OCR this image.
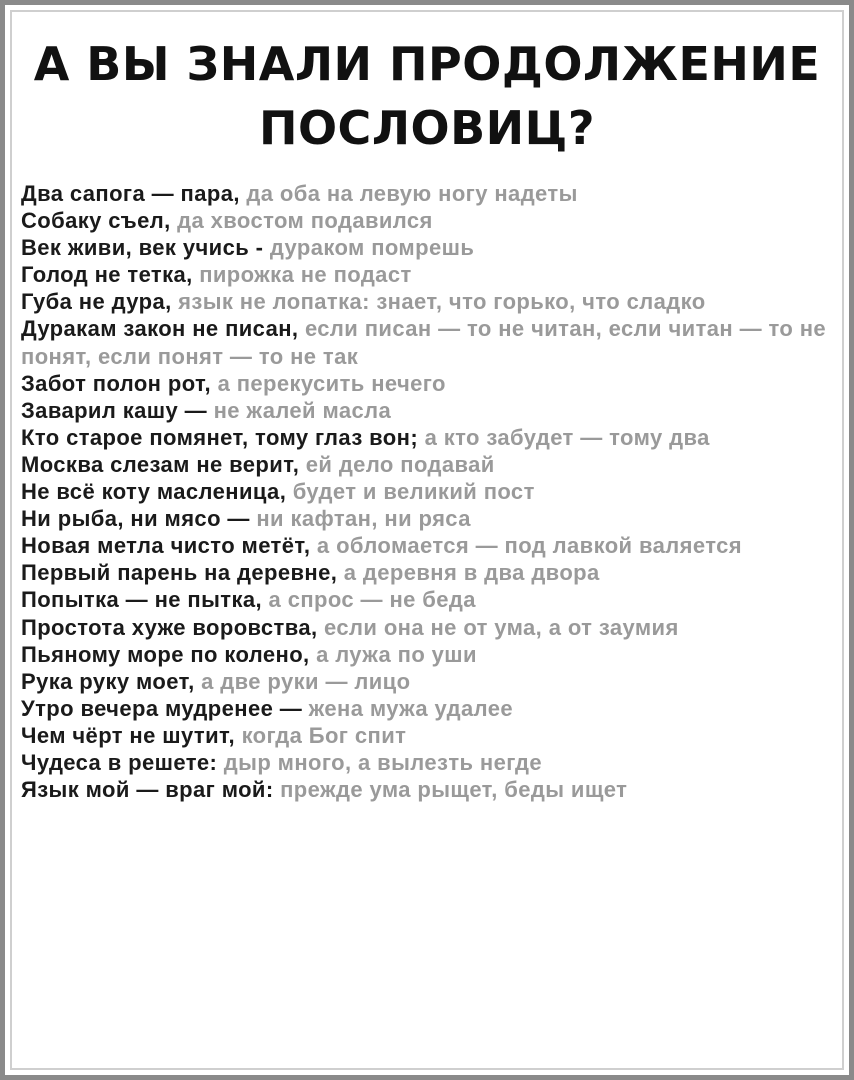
А ВЫ ЗНАЛИ ПРОДОЛЖЕНИЕ
ПОСЛОВИЦ?

Два сапога — пара, да оба на левую ногу надеты

Собаку съел, да хвостом подавился

Век живи, век учись - дураком помрешь

Голод не тетка, пирожка не подаст

Губа не дура, язык не лопатка: знает, что горько, что сладко

Дуракам закон не писан, если писан — то не читан, если читан — то не понят, если понят — то не так

Забот полон рот, а перекусить нечего

Заварил кашу — не жалей масла

Кто старое помянет, тому глаз вон; а кто забудет — тому два

Москва слезам не верит, ей дело подавай

Не всё коту масленица, будет и великий пост

Ни рыба, ни мясо — ни кафтан, ни ряса

Новая метла чисто метёт, а обломается — под лавкой валяется

Первый парень на деревне, а деревня в два двора

Попытка — не пытка, а спрос — не беда

Простота хуже воровства, если она не от ума, а от заумия

Пьяному море по колено, а лужа по уши

Рука руку моет, а две руки — лицо

Утро вечера мудренее — жена мужа удалее

Чем чёрт не шутит, когда Бог спит

Чудеса в решете: дыр много, а вылезть негде

Язык мой — враг мой: прежде ума рыщет, беды ищет
